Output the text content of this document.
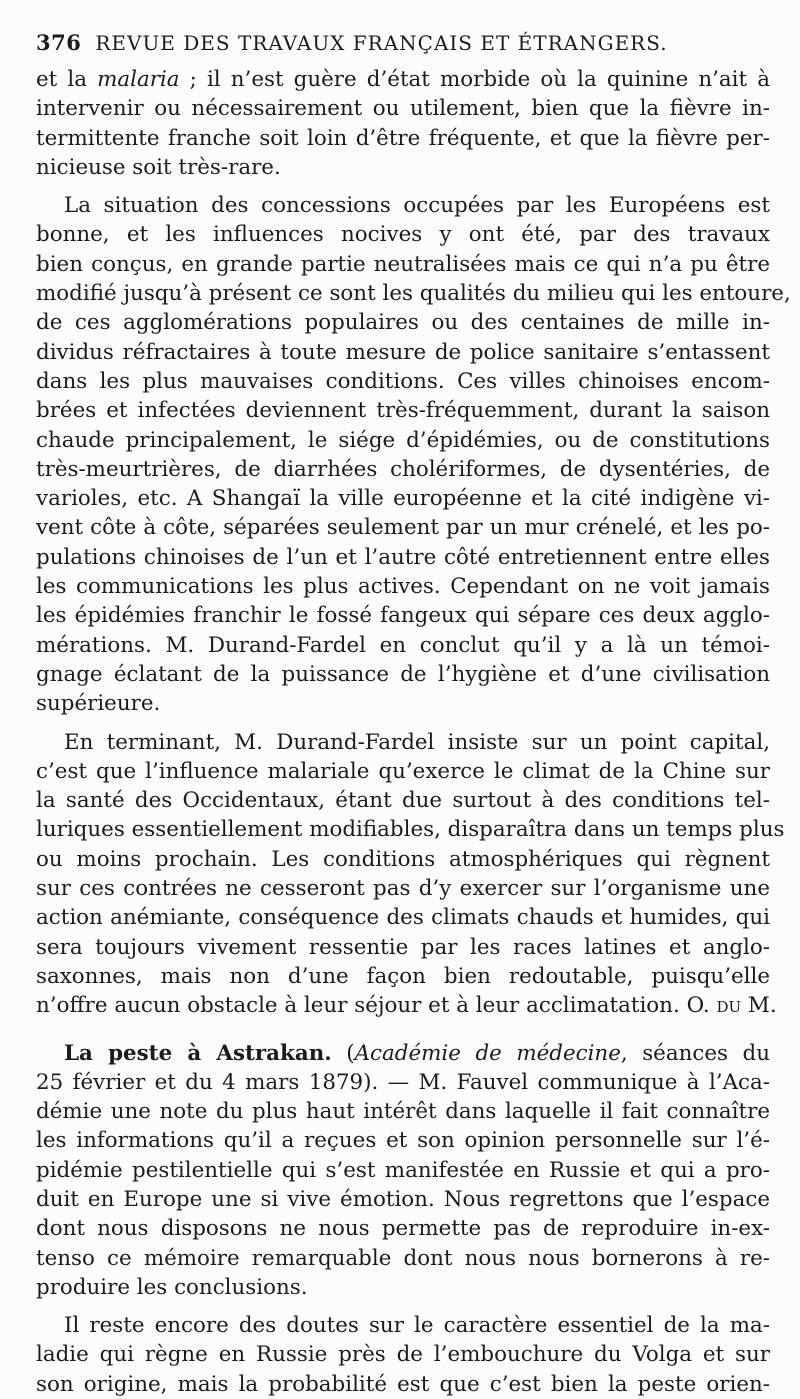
376 REVUE DES TRAVAUX FRANÇAIS ET ÉTRANGERS.

et la malaria ; il n’est guère d’état morbide où la quinine n’ait à
intervenir ou nécessairement ou utilement, bien que la fièvre in-
termittente franche soit loin d’être fréquente, et que la fièvre per-
nicieuse soit très-rare.

La situation des concessions occupées par les Européens est
bonne, et les influences nocives y ont été, par des travaux
bien conçus, en grande partie neutralisées mais ce qui n’a pu être
modifié jusqu’à présent ce sont les qualités du milieu qui les entoure,
de ces agglomérations populaires ou des centaines de mille in-
dividus réfractaires à toute mesure de police sanitaire s’entassent
dans les plus mauvaises conditions. Ces villes chinoises encom-
brées et infectées deviennent très-fréquemment, durant la saison
chaude principalement, le siége d’épidémies, ou de constitutions
très-meurtrières, de diarrhées cholériformes, de dysentéries, de
varioles, etc. A Shangaï la ville européenne et la cité indigène vi-
vent côte à côte, séparées seulement par un mur crénelé, et les po-
pulations chinoises de l’un et l’autre côté entretiennent entre elles
les communications les plus actives. Cependant on ne voit jamais
les épidémies franchir le fossé fangeux qui sépare ces deux agglo-
mérations. M. Durand-Fardel en conclut qu’il y a là un témoi-
gnage éclatant de la puissance de l’hygiène et d’une civilisation
supérieure.

En terminant, M. Durand-Fardel insiste sur un point capital,
c’est que l’influence malariale qu’exerce le climat de la Chine sur
la santé des Occidentaux, étant due surtout à des conditions tel-
luriques essentiellement modifiables, disparaîtra dans un temps plus
ou moins prochain. Les conditions atmosphériques qui règnent
sur ces contrées ne cesseront pas d’y exercer sur l’organisme une
action anémiante, conséquence des climats chauds et humides, qui
sera toujours vivement ressentie par les races latines et anglo-
saxonnes, mais non d’une façon bien redoutable, puisqu’elle
n’offre aucun obstacle à leur séjour et à leur acclimatation. O. du M.

La peste à Astrakan. (Académie de médecine, séances du
25 février et du 4 mars 1879). — M. Fauvel communique à l’Aca-
démie une note du plus haut intérêt dans laquelle il fait connaître
les informations qu’il a reçues et son opinion personnelle sur l’é-
pidémie pestilentielle qui s’est manifestée en Russie et qui a pro-
duit en Europe une si vive émotion. Nous regrettons que l’espace
dont nous disposons ne nous permette pas de reproduire in-ex-
tenso ce mémoire remarquable dont nous nous bornerons à re-
produire les conclusions.

Il reste encore des doutes sur le caractère essentiel de la ma-
ladie qui règne en Russie près de l’embouchure du Volga et sur
son origine, mais la probabilité est que c’est bien la peste orien-
